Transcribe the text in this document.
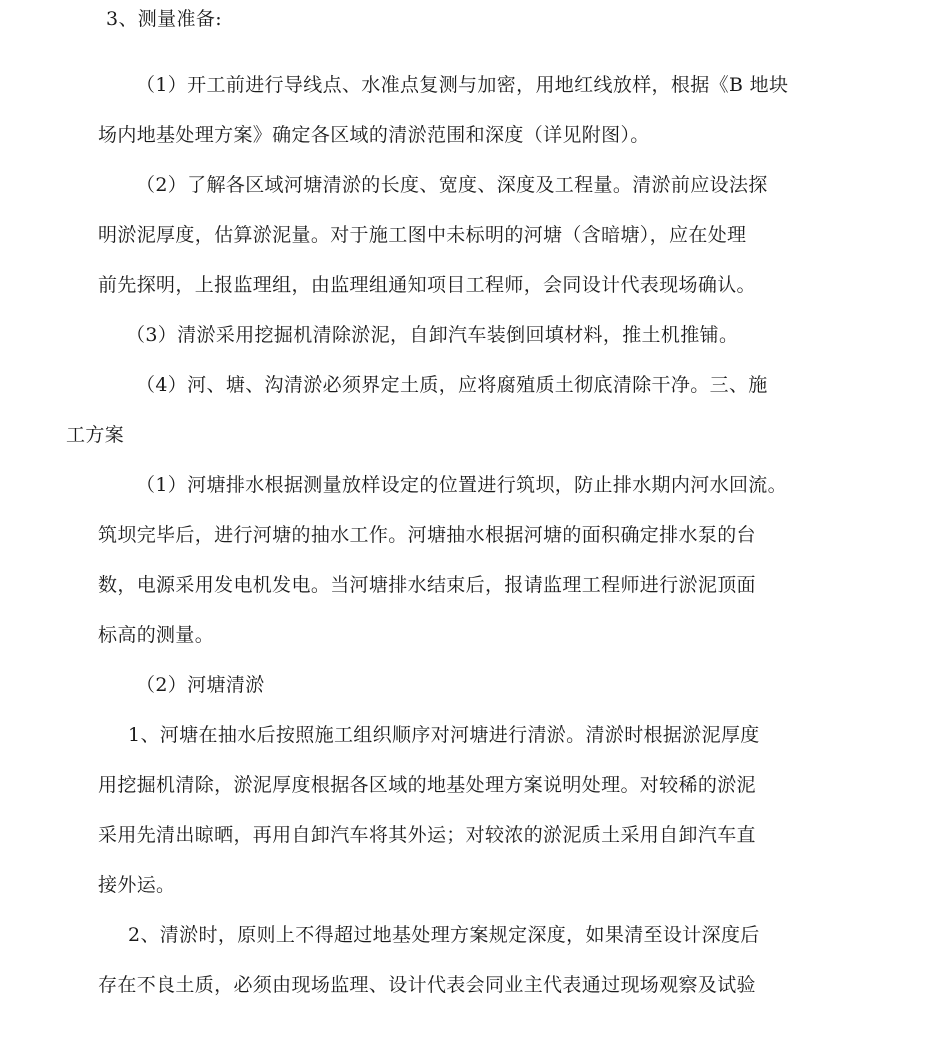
3、测量准备:
（1）开工前进行导线点、水准点复测与加密，用地红线放样，根据《B 地块
场内地基处理方案》确定各区域的清淤范围和深度（详见附图）。
（2）了解各区域河塘清淤的长度、宽度、深度及工程量。清淤前应设法探
明淤泥厚度，估算淤泥量。对于施工图中未标明的河塘（含暗塘），应在处理
前先探明，上报监理组，由监理组通知项目工程师，会同设计代表现场确认。
（3）清淤采用挖掘机清除淤泥，自卸汽车装倒回填材料，推土机推铺。
（4）河、塘、沟清淤必须界定土质，应将腐殖质土彻底清除干净。三、施
工方案
（1）河塘排水根据测量放样设定的位置进行筑坝，防止排水期内河水回流。
筑坝完毕后，进行河塘的抽水工作。河塘抽水根据河塘的面积确定排水泵的台
数，电源采用发电机发电。当河塘排水结束后，报请监理工程师进行淤泥顶面
标高的测量。
（2）河塘清淤
1、河塘在抽水后按照施工组织顺序对河塘进行清淤。清淤时根据淤泥厚度
用挖掘机清除，淤泥厚度根据各区域的地基处理方案说明处理。对较稀的淤泥
采用先清出晾晒，再用自卸汽车将其外运；对较浓的淤泥质土采用自卸汽车直
接外运。
2、清淤时，原则上不得超过地基处理方案规定深度，如果清至设计深度后
存在不良土质，必须由现场监理、设计代表会同业主代表通过现场观察及试验
